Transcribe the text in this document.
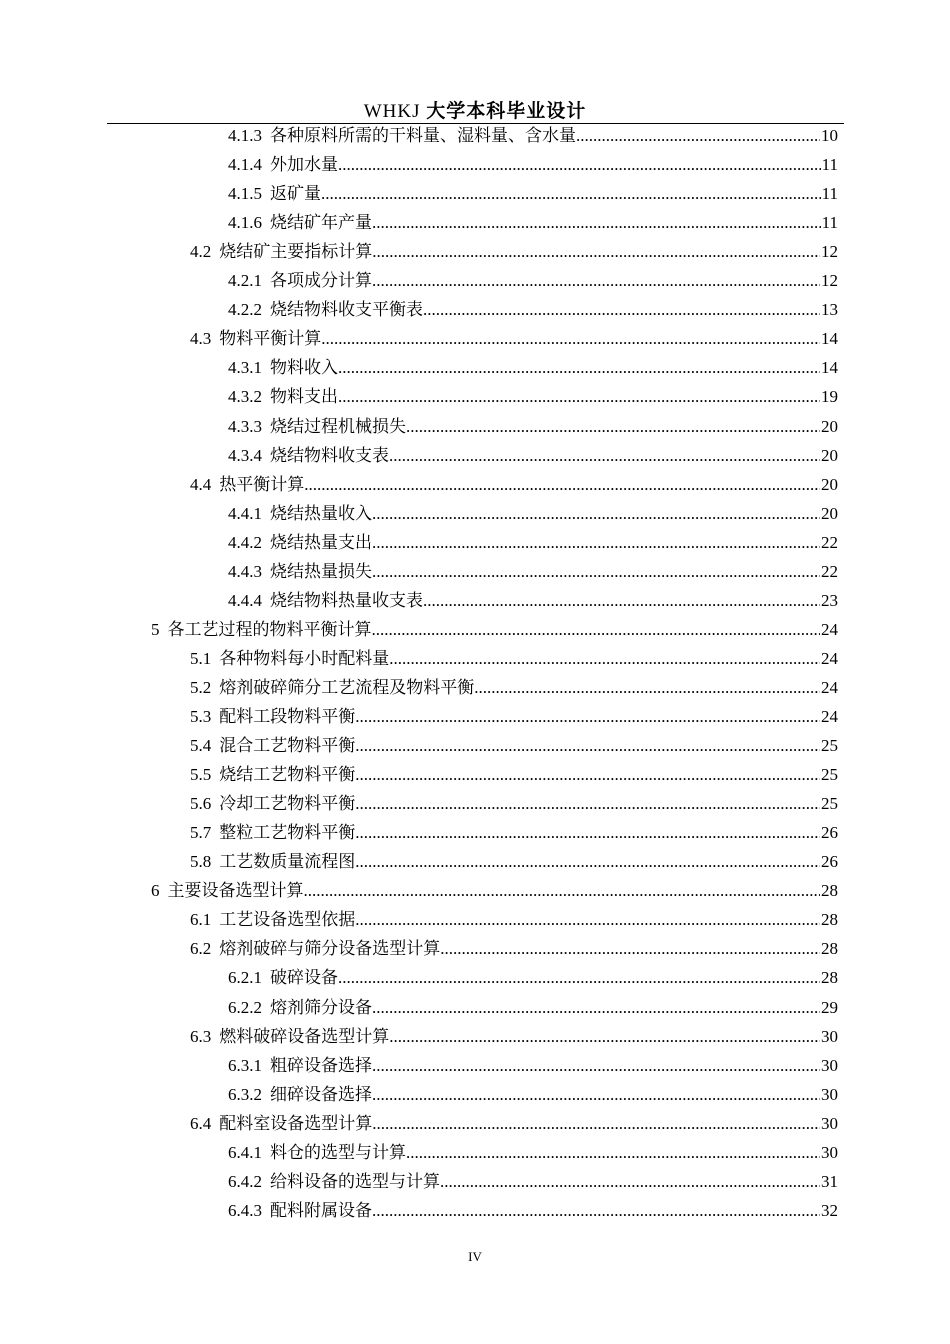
WHKJ 大学本科毕业设计
4.1.3 各种原料所需的干料量、湿料量、含水量 .....	10
4.1.4 外加水量 .....	11
4.1.5 返矿量 .....	11
4.1.6 烧结矿年产量 .....	11
4.2 烧结矿主要指标计算 .....	12
4.2.1 各项成分计算 .....	12
4.2.2 烧结物料收支平衡表 .....	13
4.3 物料平衡计算 .....	14
4.3.1 物料收入 .....	14
4.3.2 物料支出 .....	19
4.3.3 烧结过程机械损失 .....	20
4.3.4 烧结物料收支表 .....	20
4.4 热平衡计算 .....	20
4.4.1 烧结热量收入 .....	20
4.4.2 烧结热量支出 .....	22
4.4.3 烧结热量损失 .....	22
4.4.4 烧结物料热量收支表 .....	23
5 各工艺过程的物料平衡计算 .....	24
5.1 各种物料每小时配料量 .....	24
5.2 熔剂破碎筛分工艺流程及物料平衡 .....	24
5.3 配料工段物料平衡 .....	24
5.4 混合工艺物料平衡 .....	25
5.5 烧结工艺物料平衡 .....	25
5.6 冷却工艺物料平衡 .....	25
5.7 整粒工艺物料平衡 .....	26
5.8 工艺数质量流程图 .....	26
6 主要设备选型计算 .....	28
6.1 工艺设备选型依据 .....	28
6.2 熔剂破碎与筛分设备选型计算 .....	28
6.2.1 破碎设备 .....	28
6.2.2 熔剂筛分设备 .....	29
6.3 燃料破碎设备选型计算 .....	30
6.3.1 粗碎设备选择 .....	30
6.3.2 细碎设备选择 .....	30
6.4 配料室设备选型计算 .....	30
6.4.1 料仓的选型与计算 .....	30
6.4.2 给料设备的选型与计算 .....	31
6.4.3 配料附属设备 .....	32
IV
